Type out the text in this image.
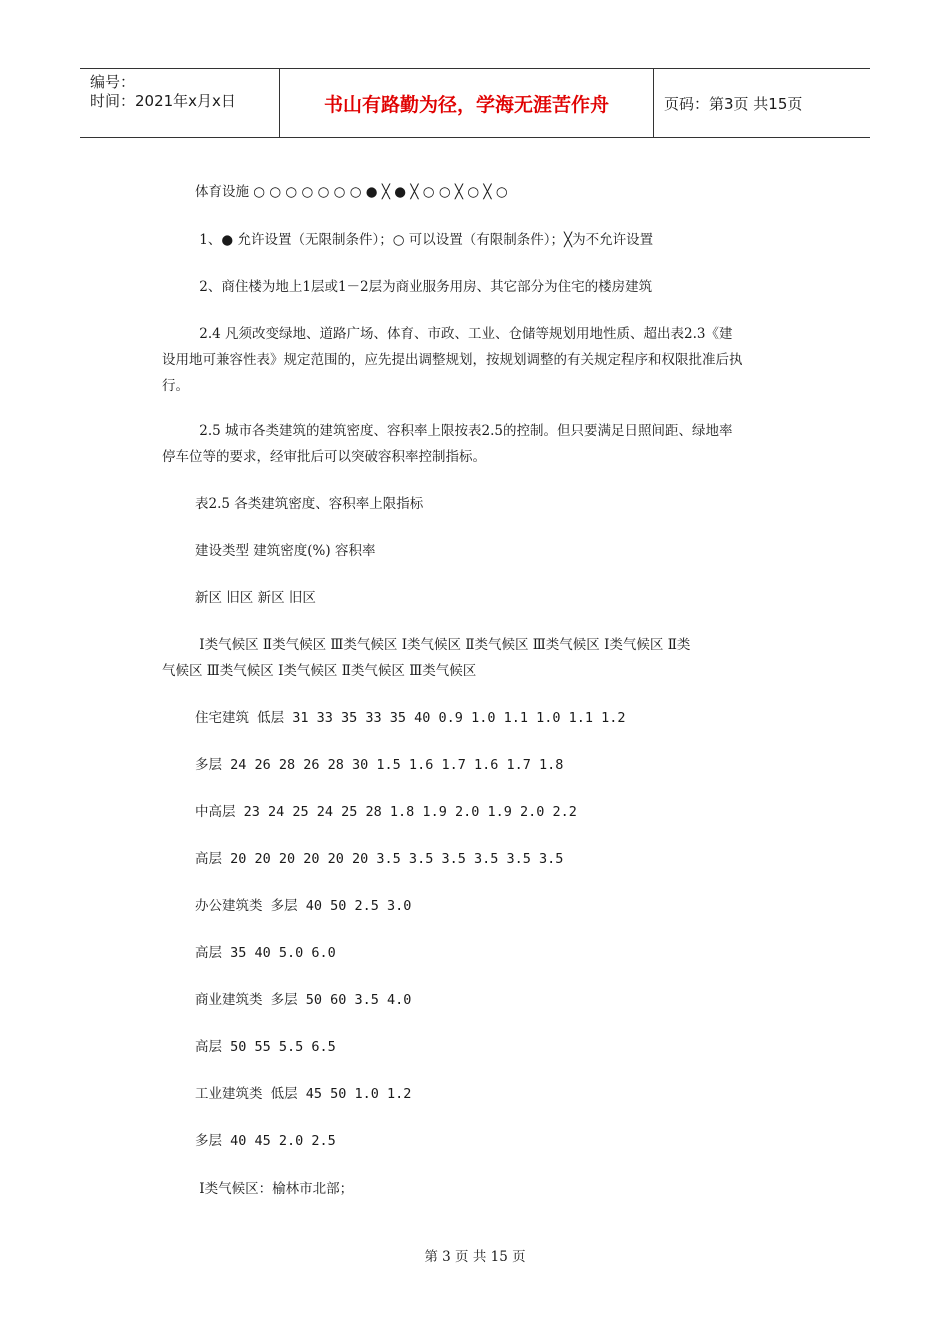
编号：
时间：2021年x月x日	书山有路勤为径，学海无涯苦作舟	页码：第3页 共15页
体育设施 ○ ○ ○ ○ ○ ○ ○ ● ╳ ● ╳ ○ ○ ╳ ○ ╳ ○
1、● 允许设置（无限制条件）；○ 可以设置（有限制条件）；╳为不允许设置
2、商住楼为地上1层或1－2层为商业服务用房、其它部分为住宅的楼房建筑
2.4 凡须改变绿地、道路广场、体育、市政、工业、仓储等规划用地性质、超出表2.3《建
设用地可兼容性表》规定范围的，应先提出调整规划，按规划调整的有关规定程序和权限批准后执
行。
2.5 城市各类建筑的建筑密度、容积率上限按表2.5的控制。但只要满足日照间距、绿地率
停车位等的要求，经审批后可以突破容积率控制指标。
表2.5 各类建筑密度、容积率上限指标
建设类型 建筑密度(%) 容积率
新区 旧区 新区 旧区
Ⅰ类气候区 Ⅱ类气候区 Ⅲ类气候区 Ⅰ类气候区 Ⅱ类气候区 Ⅲ类气候区 Ⅰ类气候区 Ⅱ类
气候区 Ⅲ类气候区 Ⅰ类气候区 Ⅱ类气候区 Ⅲ类气候区
住宅建筑 低层 31 33 35 33 35 40 0.9 1.0 1.1 1.0 1.1 1.2
多层 24 26 28 26 28 30 1.5 1.6 1.7 1.6 1.7 1.8
中高层 23 24 25 24 25 28 1.8 1.9 2.0 1.9 2.0 2.2
高层 20 20 20 20 20 20 3.5 3.5 3.5 3.5 3.5 3.5
办公建筑类 多层 40 50 2.5 3.0
高层 35 40 5.0 6.0
商业建筑类 多层 50 60 3.5 4.0
高层 50 55 5.5 6.5
工业建筑类 低层 45 50 1.0 1.2
多层 40 45 2.0 2.5
Ⅰ类气候区：榆林市北部；
第 3 页 共 15 页
